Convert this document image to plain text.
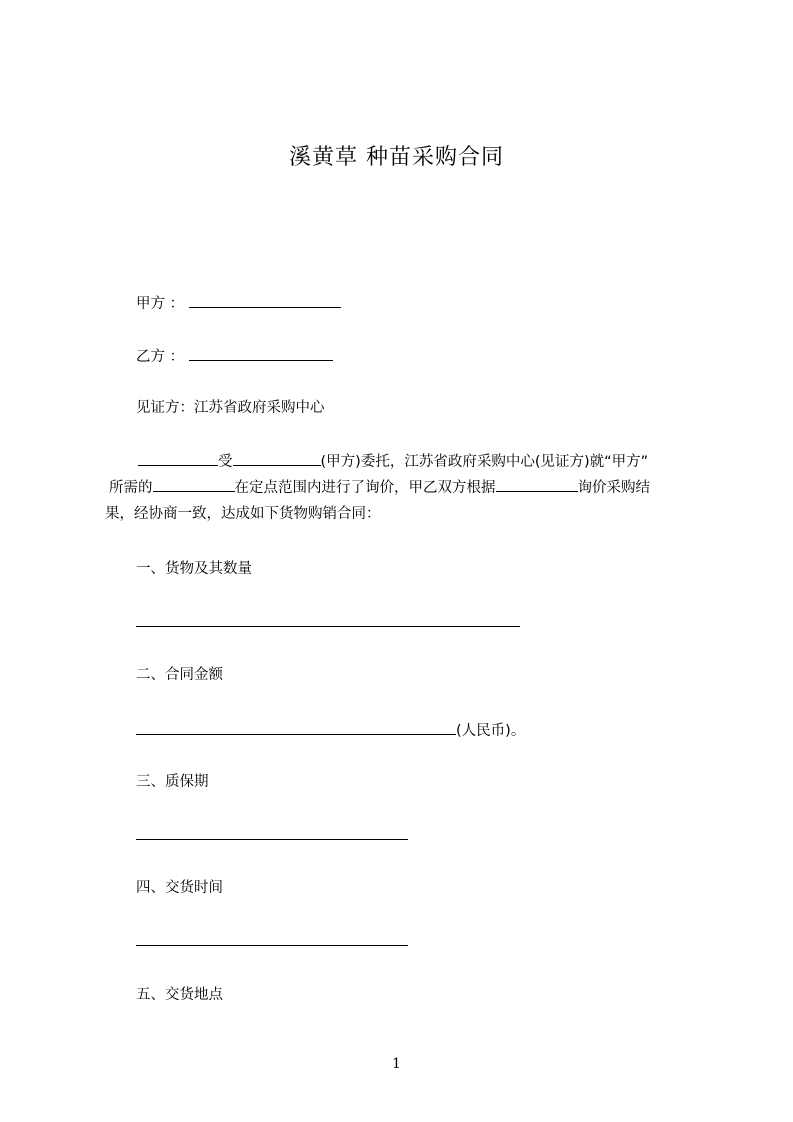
溪黄草 种苗采购合同
甲方 ：
乙方 ：
见证方：江苏省政府采购中心
受	(甲方)委托，江苏省政府采购中心(见证方)就“甲方”
所需的	在定点范围内进行了询价，甲乙双方根据	询价采购结
果，经协商一致，达成如下货物购销合同：
一、货物及其数量
二、合同金额
(人民币)。
三、质保期
四、交货时间
五、交货地点
1
